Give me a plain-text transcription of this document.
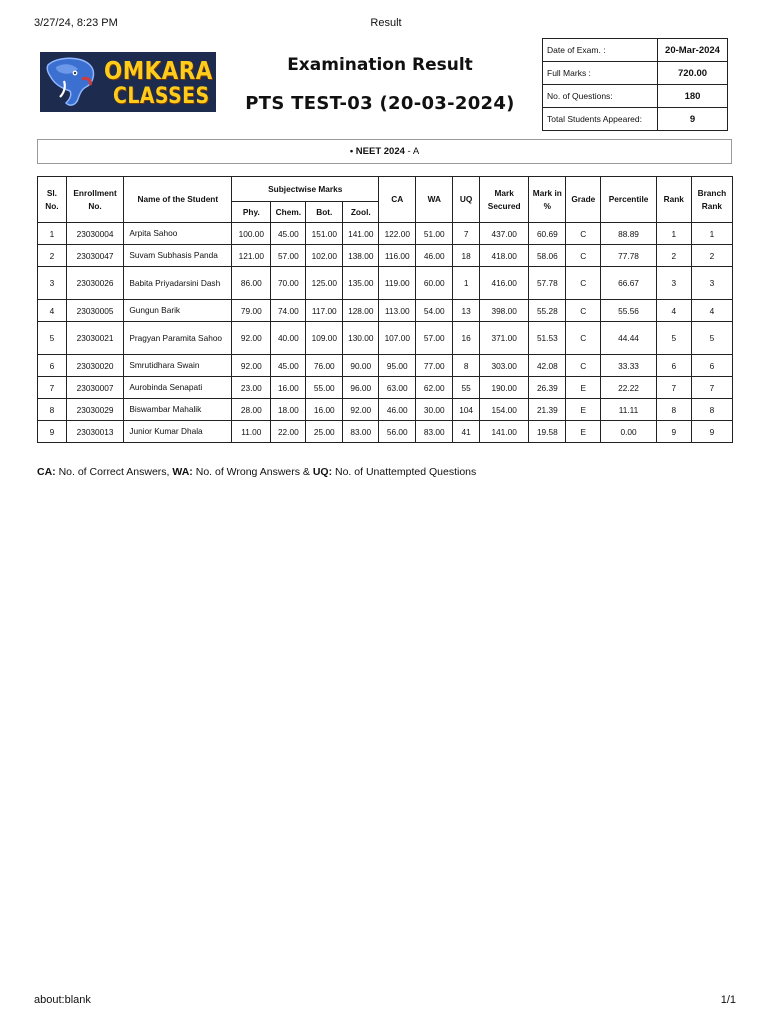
3/27/24, 8:23 PM	Result
OMKARA
CLASSES
Examination Result
PTS TEST-03 (20-03-2024)
Date of Exam. :	20-Mar-2024
Full Marks :	720.00
No. of Questions:	180
Total Students Appeared:	9
• NEET 2024 - A
Sl. No.	Enrollment No.	Name of the Student	Subjectwise Marks				CA	WA	UQ	Mark Secured	Mark in %	Grade	Percentile	Rank	Branch Rank
			Phy.	Chem.	Bot.	Zool.									
1	23030004	Arpita Sahoo	100.00	45.00	151.00	141.00	122.00	51.00	7	437.00	60.69	C	88.89	1	1
2	23030047	Suvam Subhasis Panda	121.00	57.00	102.00	138.00	116.00	46.00	18	418.00	58.06	C	77.78	2	2
3	23030026	Babita Priyadarsini Dash	86.00	70.00	125.00	135.00	119.00	60.00	1	416.00	57.78	C	66.67	3	3
4	23030005	Gungun Barik	79.00	74.00	117.00	128.00	113.00	54.00	13	398.00	55.28	C	55.56	4	4
5	23030021	Pragyan Paramita Sahoo	92.00	40.00	109.00	130.00	107.00	57.00	16	371.00	51.53	C	44.44	5	5
6	23030020	Smrutidhara Swain	92.00	45.00	76.00	90.00	95.00	77.00	8	303.00	42.08	C	33.33	6	6
7	23030007	Aurobinda Senapati	23.00	16.00	55.00	96.00	63.00	62.00	55	190.00	26.39	E	22.22	7	7
8	23030029	Biswambar Mahalik	28.00	18.00	16.00	92.00	46.00	30.00	104	154.00	21.39	E	11.11	8	8
9	23030013	Junior Kumar Dhala	11.00	22.00	25.00	83.00	56.00	83.00	41	141.00	19.58	E	0.00	9	9
CA: No. of Correct Answers, WA: No. of Wrong Answers & UQ: No. of Unattempted Questions
about:blank	1/1
